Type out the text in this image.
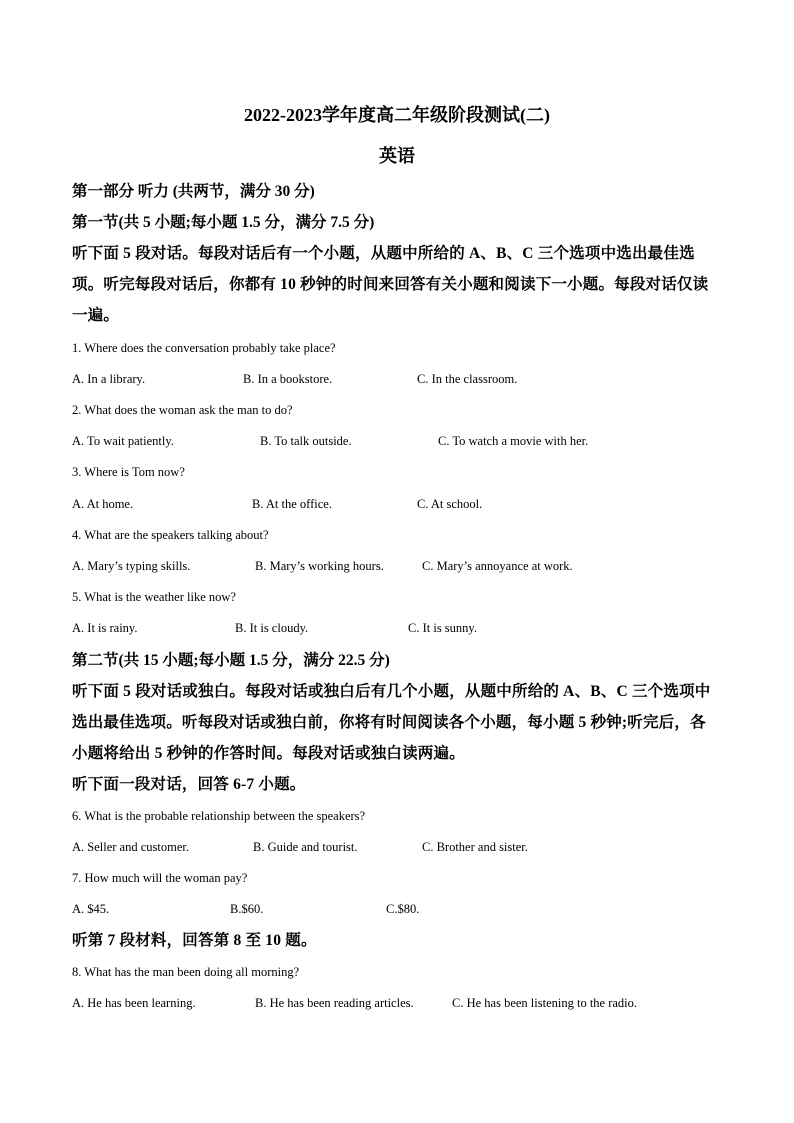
2022-2023学年度高二年级阶段测试(二)
英语
第一部分 听力 (共两节，满分 30 分)
第一节(共 5 小题;每小题 1.5 分，满分 7.5 分)
听下面 5 段对话。每段对话后有一个小题，从题中所给的 A、B、C 三个选项中选出最佳选
项。听完每段对话后，你都有 10 秒钟的时间来回答有关小题和阅读下一小题。每段对话仅读
一遍。
1. Where does the conversation probably take place?
A. In a library.	B. In a bookstore.	C. In the classroom.
2. What does the woman ask the man to do?
A. To wait patiently.	B. To talk outside.	C. To watch a movie with her.
3. Where is Tom now?
A. At home.	B. At the office.	C. At school.
4. What are the speakers talking about?
A. Mary’s typing skills.	B. Mary’s working hours.	C. Mary’s annoyance at work.
5. What is the weather like now?
A. It is rainy.	B. It is cloudy.	C. It is sunny.
第二节(共 15 小题;每小题 1.5 分，满分 22.5 分)
听下面 5 段对话或独白。每段对话或独白后有几个小题，从题中所给的 A、B、C 三个选项中
选出最佳选项。听每段对话或独白前，你将有时间阅读各个小题，每小题 5 秒钟;听完后，各
小题将给出 5 秒钟的作答时间。每段对话或独白读两遍。
听下面一段对话，回答 6-7 小题。
6. What is the probable relationship between the speakers?
A. Seller and customer.	B. Guide and tourist.	C. Brother and sister.
7. How much will the woman pay?
A. $45.	B.$60.	C.$80.
听第 7 段材料，回答第 8 至 10 题。
8. What has the man been doing all morning?
A. He has been learning.	B. He has been reading articles.	C. He has been listening to the radio.
